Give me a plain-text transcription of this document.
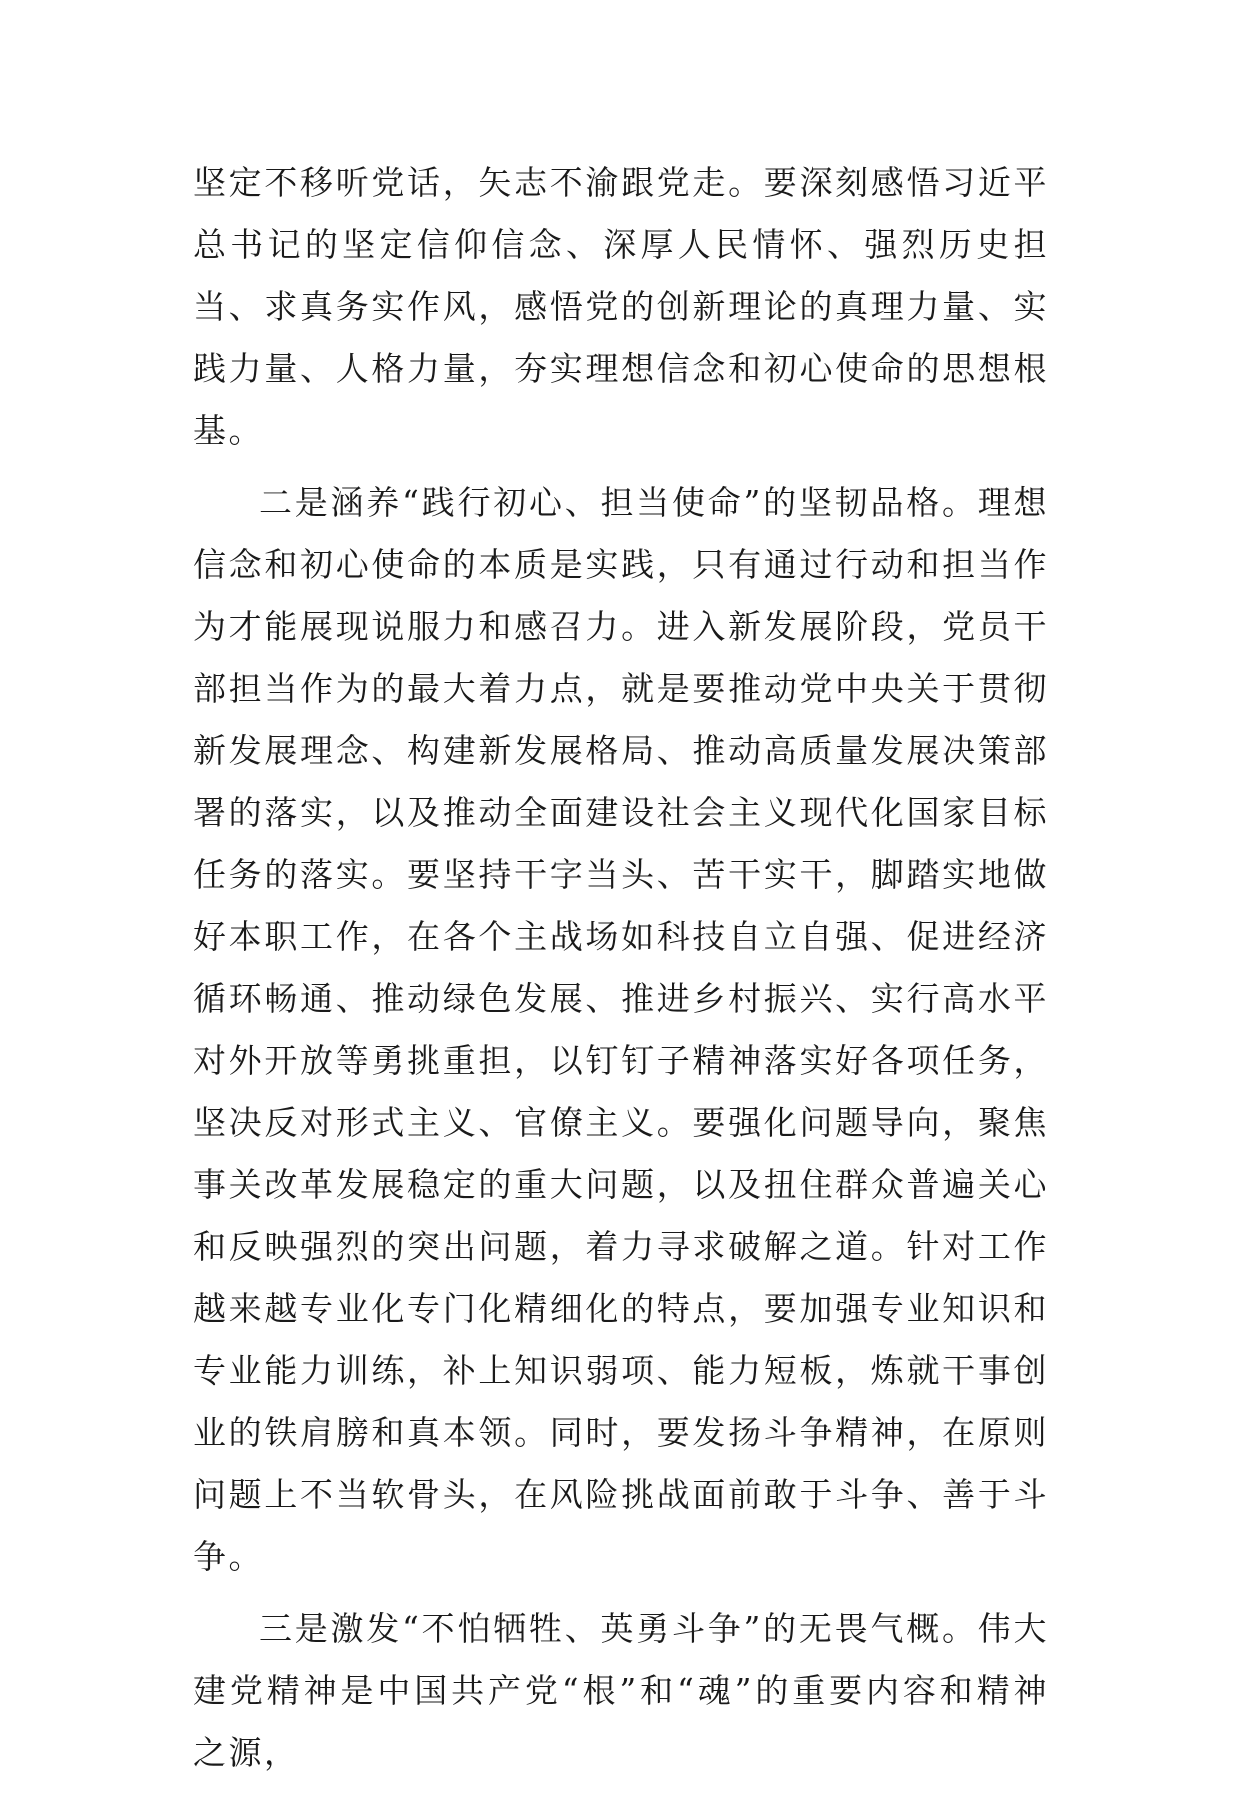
坚定不移听党话，矢志不渝跟党走。要深刻感悟习近平总书记的坚定信仰信念、深厚人民情怀、强烈历史担当、求真务实作风，感悟党的创新理论的真理力量、实践力量、人格力量，夯实理想信念和初心使命的思想根基。

二是涵养“践行初心、担当使命”的坚韧品格。理想信念和初心使命的本质是实践，只有通过行动和担当作为才能展现说服力和感召力。进入新发展阶段，党员干部担当作为的最大着力点，就是要推动党中央关于贯彻新发展理念、构建新发展格局、推动高质量发展决策部署的落实，以及推动全面建设社会主义现代化国家目标任务的落实。要坚持干字当头、苦干实干，脚踏实地做好本职工作，在各个主战场如科技自立自强、促进经济循环畅通、推动绿色发展、推进乡村振兴、实行高水平对外开放等勇挑重担，以钉钉子精神落实好各项任务，坚决反对形式主义、官僚主义。要强化问题导向，聚焦事关改革发展稳定的重大问题，以及扭住群众普遍关心和反映强烈的突出问题，着力寻求破解之道。针对工作越来越专业化专门化精细化的特点，要加强专业知识和专业能力训练，补上知识弱项、能力短板，炼就干事创业的铁肩膀和真本领。同时，要发扬斗争精神，在原则问题上不当软骨头，在风险挑战面前敢于斗争、善于斗争。

三是激发“不怕牺牲、英勇斗争”的无畏气概。伟大建党精神是中国共产党“根”和“魂”的重要内容和精神之源，
